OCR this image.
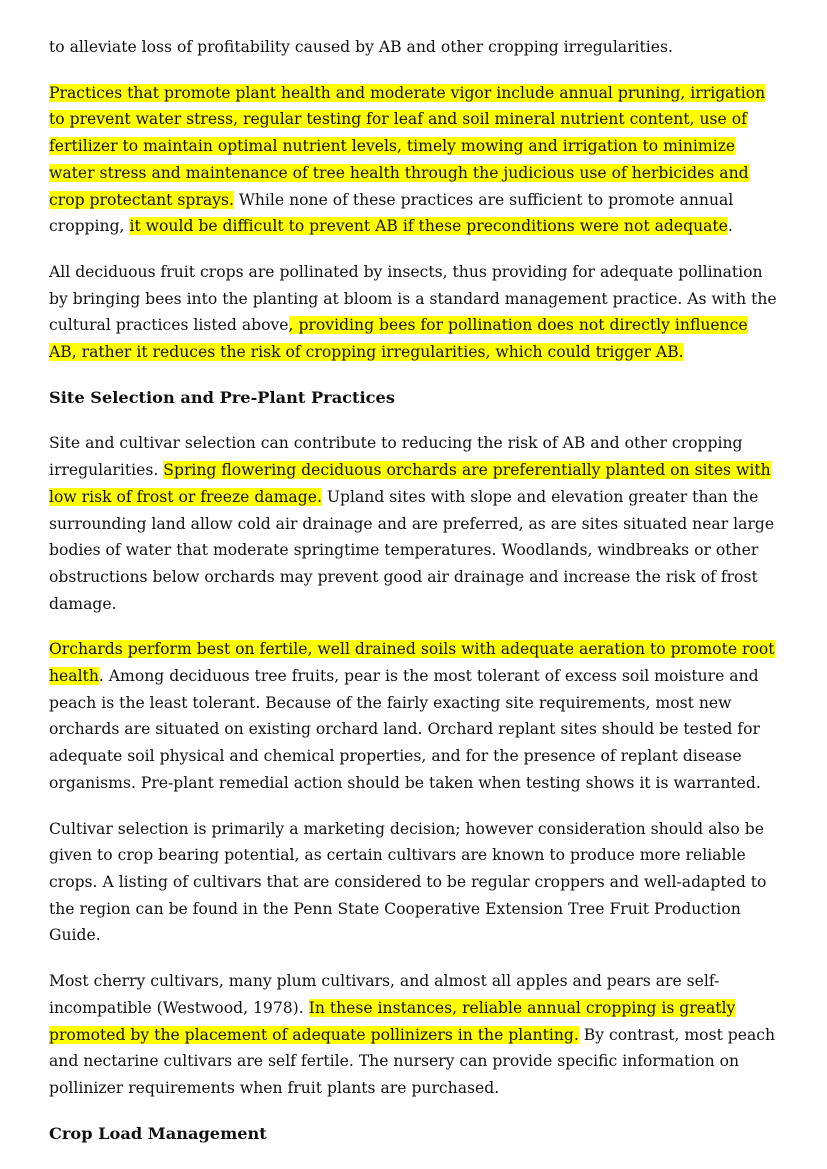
to alleviate loss of profitability caused by AB and other cropping irregularities.

Practices that promote plant health and moderate vigor include annual pruning, irrigation to prevent water stress, regular testing for leaf and soil mineral nutrient content, use of fertilizer to maintain optimal nutrient levels, timely mowing and irrigation to minimize water stress and maintenance of tree health through the judicious use of herbicides and crop protectant sprays. While none of these practices are sufficient to promote annual cropping, it would be difficult to prevent AB if these preconditions were not adequate.

All deciduous fruit crops are pollinated by insects, thus providing for adequate pollination by bringing bees into the planting at bloom is a standard management practice. As with the cultural practices listed above, providing bees for pollination does not directly influence AB, rather it reduces the risk of cropping irregularities, which could trigger AB.

Site Selection and Pre-Plant Practices

Site and cultivar selection can contribute to reducing the risk of AB and other cropping irregularities. Spring flowering deciduous orchards are preferentially planted on sites with low risk of frost or freeze damage. Upland sites with slope and elevation greater than the surrounding land allow cold air drainage and are preferred, as are sites situated near large bodies of water that moderate springtime temperatures. Woodlands, windbreaks or other obstructions below orchards may prevent good air drainage and increase the risk of frost damage.

Orchards perform best on fertile, well drained soils with adequate aeration to promote root health. Among deciduous tree fruits, pear is the most tolerant of excess soil moisture and peach is the least tolerant. Because of the fairly exacting site requirements, most new orchards are situated on existing orchard land. Orchard replant sites should be tested for adequate soil physical and chemical properties, and for the presence of replant disease organisms. Pre-plant remedial action should be taken when testing shows it is warranted.

Cultivar selection is primarily a marketing decision; however consideration should also be given to crop bearing potential, as certain cultivars are known to produce more reliable crops. A listing of cultivars that are considered to be regular croppers and well-adapted to the region can be found in the Penn State Cooperative Extension Tree Fruit Production Guide.

Most cherry cultivars, many plum cultivars, and almost all apples and pears are self-incompatible (Westwood, 1978). In these instances, reliable annual cropping is greatly promoted by the placement of adequate pollinizers in the planting. By contrast, most peach and nectarine cultivars are self fertile. The nursery can provide specific information on pollinizer requirements when fruit plants are purchased.

Crop Load Management
